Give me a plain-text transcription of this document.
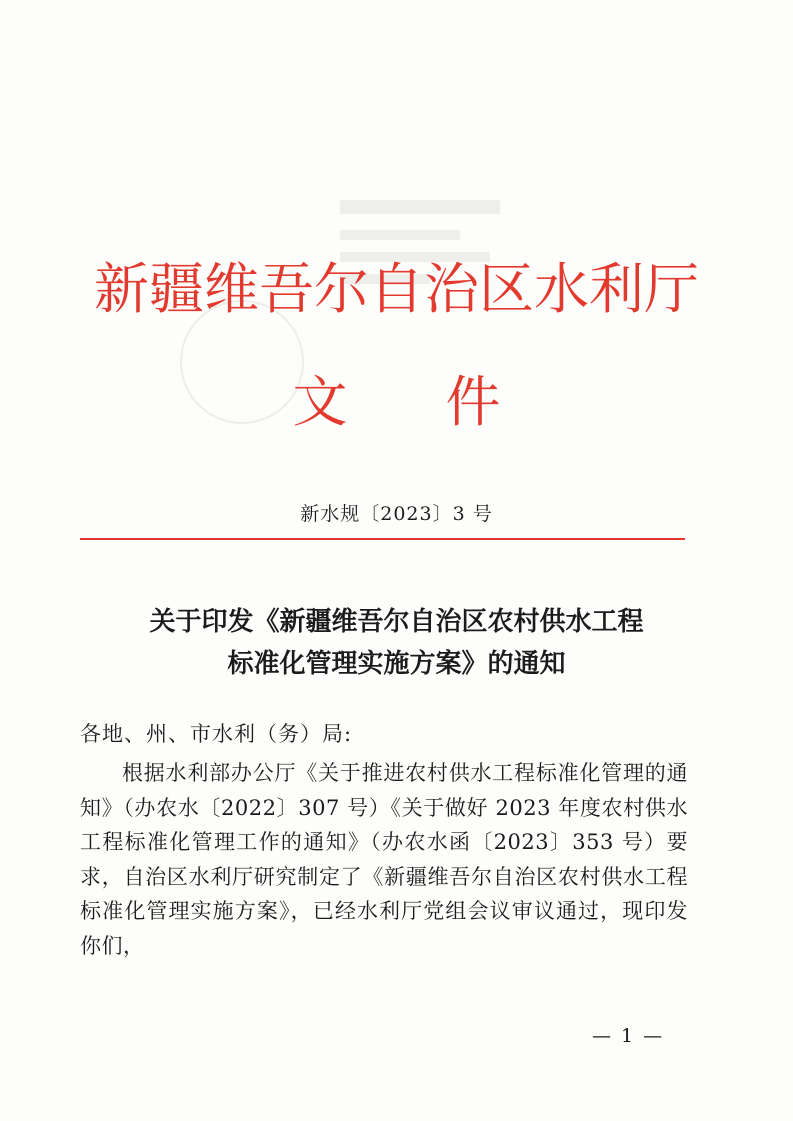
新疆维吾尔自治区水利厅
文件
新水规〔2023〕3 号
关于印发《新疆维吾尔自治区农村供水工程
标准化管理实施方案》的通知
各地、州、市水利（务）局:
根据水利部办公厅《关于推进农村供水工程标准化管理的通知》（办农水〔2022〕307 号）《关于做好 2023 年度农村供水工程标准化管理工作的通知》（办农水函〔2023〕353 号）要求，自治区水利厅研究制定了《新疆维吾尔自治区农村供水工程标准化管理实施方案》，已经水利厅党组会议审议通过，现印发你们，
— 1 —
